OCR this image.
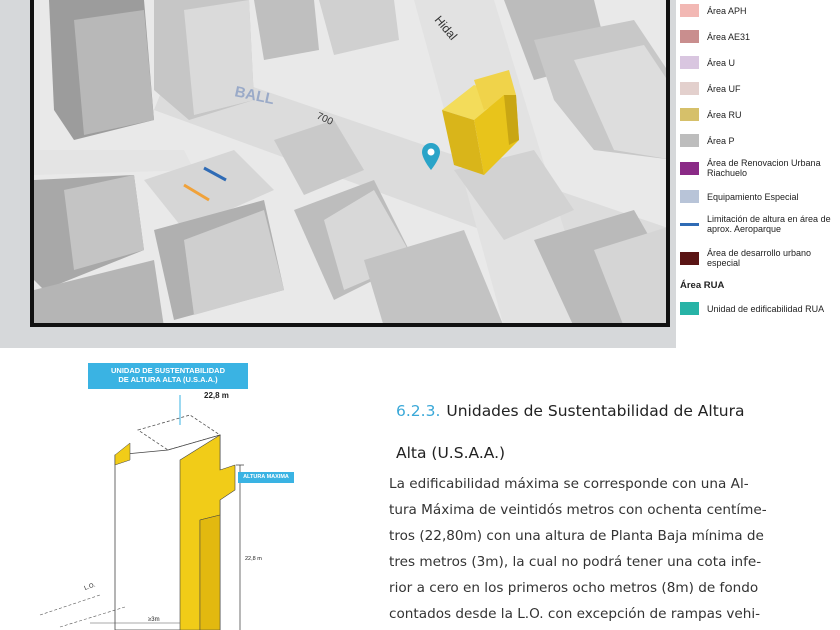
BALL
Hidal
700
Área APH
Área AE31
Área U
Área UF
Área RU
Área P
Área de Renovacion Urbana Riachuelo
Equipamiento Especial
Limitación de altura en área de aprox. Aeroparque
Área de desarrollo urbano especial
Área RUA
Unidad de edificabilidad RUA
UNIDAD DE SUSTENTABILIDAD
DE ALTURA ALTA (U.S.A.A.)
22,8 m
≥3m
L.O.
ALTURA MAXIMA
22,8 m
6.2.3. Unidades de Sustentabilidad de Altura
Alta (U.S.A.A.)
La edificabilidad máxima se corresponde con una Al-
tura Máxima de veintidós metros con ochenta centíme-
tros (22,80m) con una altura de Planta Baja mínima de
tres metros (3m), la cual no podrá tener una cota infe-
rior a cero en los primeros ocho metros (8m) de fondo
contados desde la L.O. con excepción de rampas vehi-
